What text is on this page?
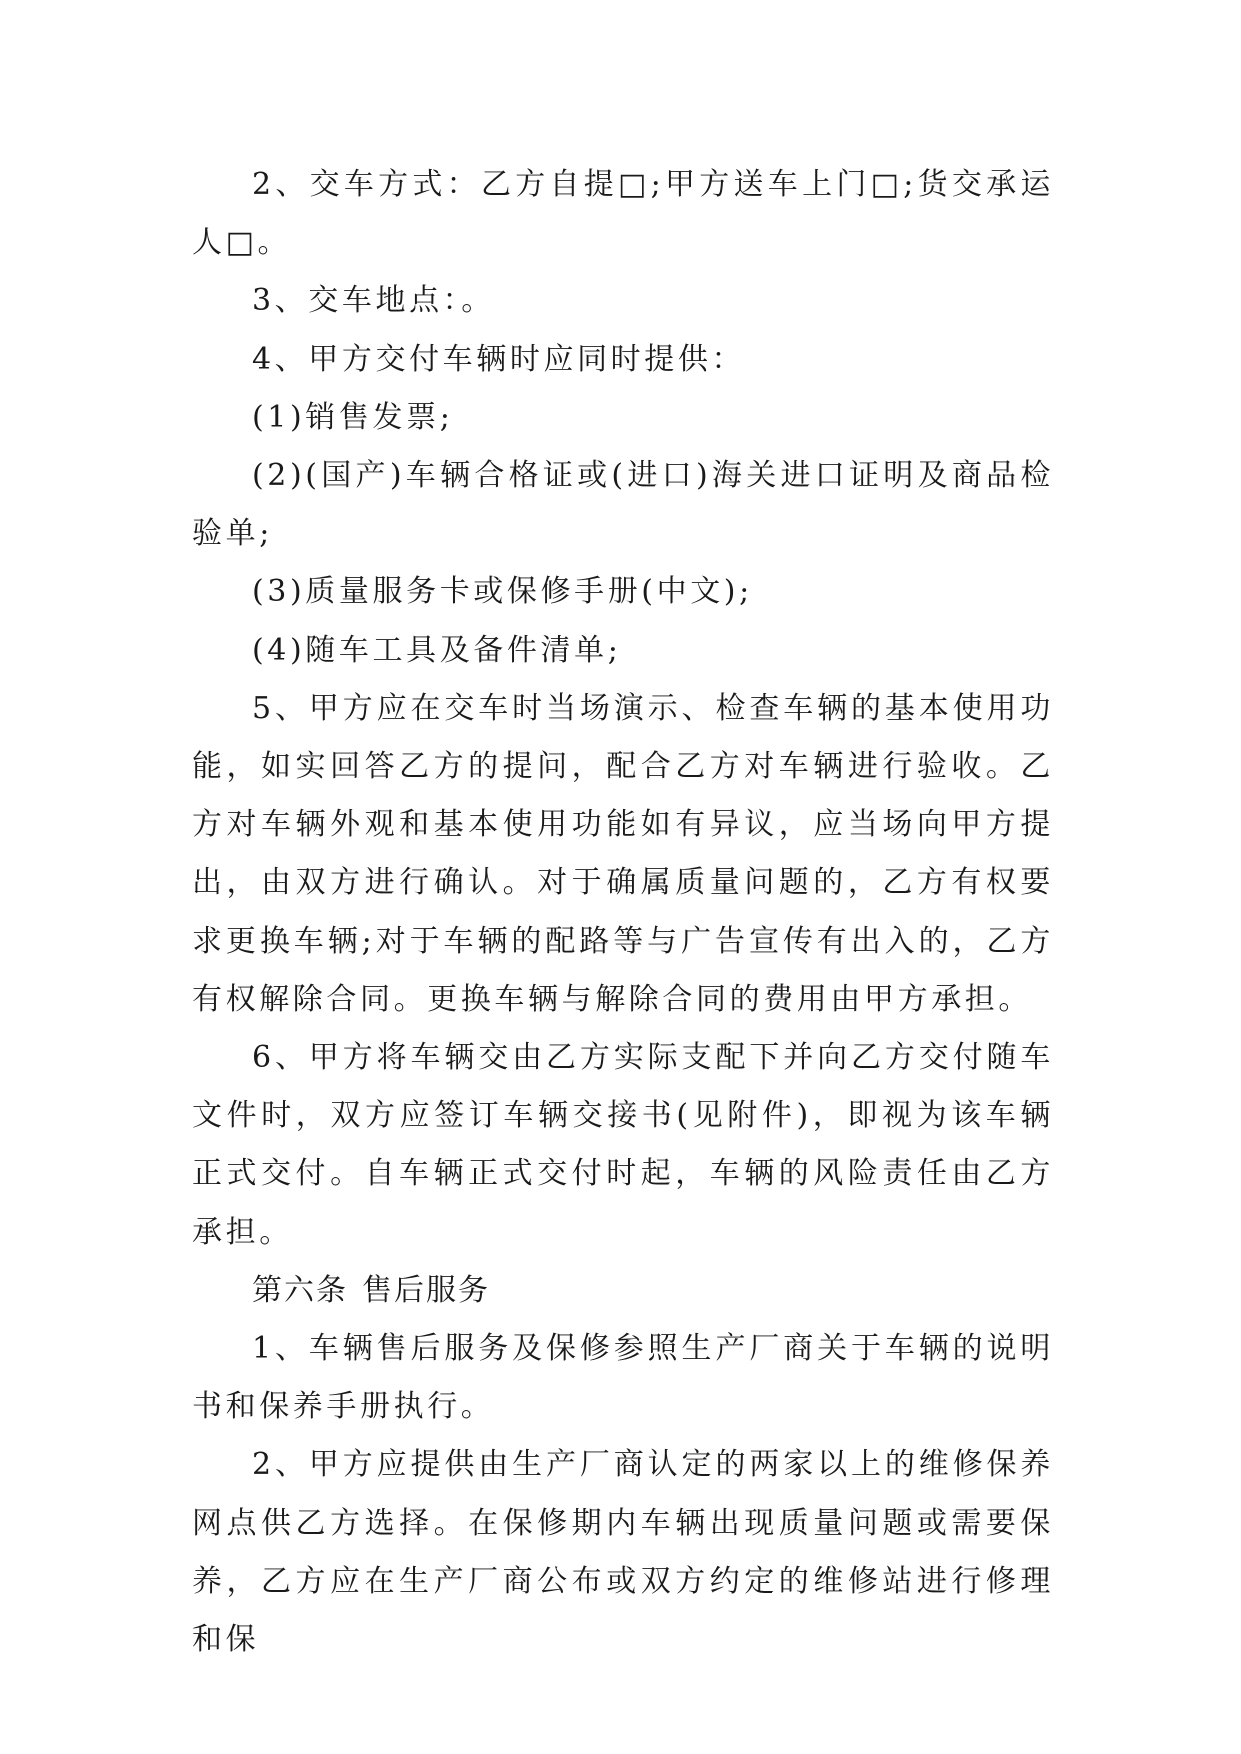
2、交车方式：乙方自提□;甲方送车上门□;货交承运人□。

3、交车地点：。

4、甲方交付车辆时应同时提供：

(1)销售发票;

(2)(国产)车辆合格证或(进口)海关进口证明及商品检验单;

(3)质量服务卡或保修手册(中文);

(4)随车工具及备件清单;

5、甲方应在交车时当场演示、检查车辆的基本使用功能，如实回答乙方的提问，配合乙方对车辆进行验收。乙方对车辆外观和基本使用功能如有异议，应当场向甲方提出，由双方进行确认。对于确属质量问题的，乙方有权要求更换车辆;对于车辆的配路等与广告宣传有出入的，乙方有权解除合同。更换车辆与解除合同的费用由甲方承担。

6、甲方将车辆交由乙方实际支配下并向乙方交付随车文件时，双方应签订车辆交接书(见附件)，即视为该车辆正式交付。自车辆正式交付时起，车辆的风险责任由乙方承担。

第六条 售后服务

1、车辆售后服务及保修参照生产厂商关于车辆的说明书和保养手册执行。

2、甲方应提供由生产厂商认定的两家以上的维修保养网点供乙方选择。在保修期内车辆出现质量问题或需要保养，乙方应在生产厂商公布或双方约定的维修站进行修理和保
